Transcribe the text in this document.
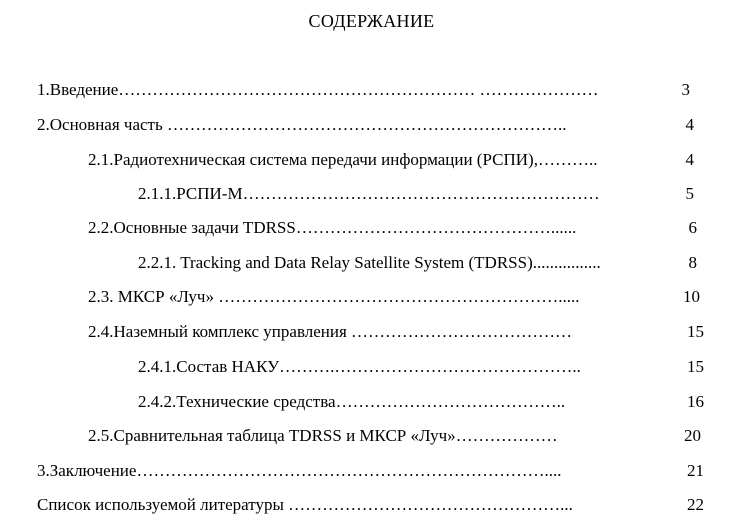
СОДЕРЖАНИЕ
1.Введение……………………………………………………… …………………	3
2.Основная часть ……………………………………………………………..	4
2.1.Радиотехническая система передачи информации (РСПИ),………..	4
2.1.1.РСПИ-М………………………………………………………	5
2.2.Основные задачи TDRSS………………………………………......	6
2.2.1. Tracking and Data Relay Satellite System (TDRSS)................	8
2.3. МКСР «Луч» …………………………………………………….....	10
2.4.Наземный комплекс управления …………………………………	15
2.4.1.Состав НАКУ……….……………………………………..	15
2.4.2.Технические средства…………………………………..	16
2.5.Сравнительная таблица TDRSS и МКСР «Луч»………………	20
3.Заключение………………………………………………………………....	21
Список используемой литературы …………………………………………...	22
